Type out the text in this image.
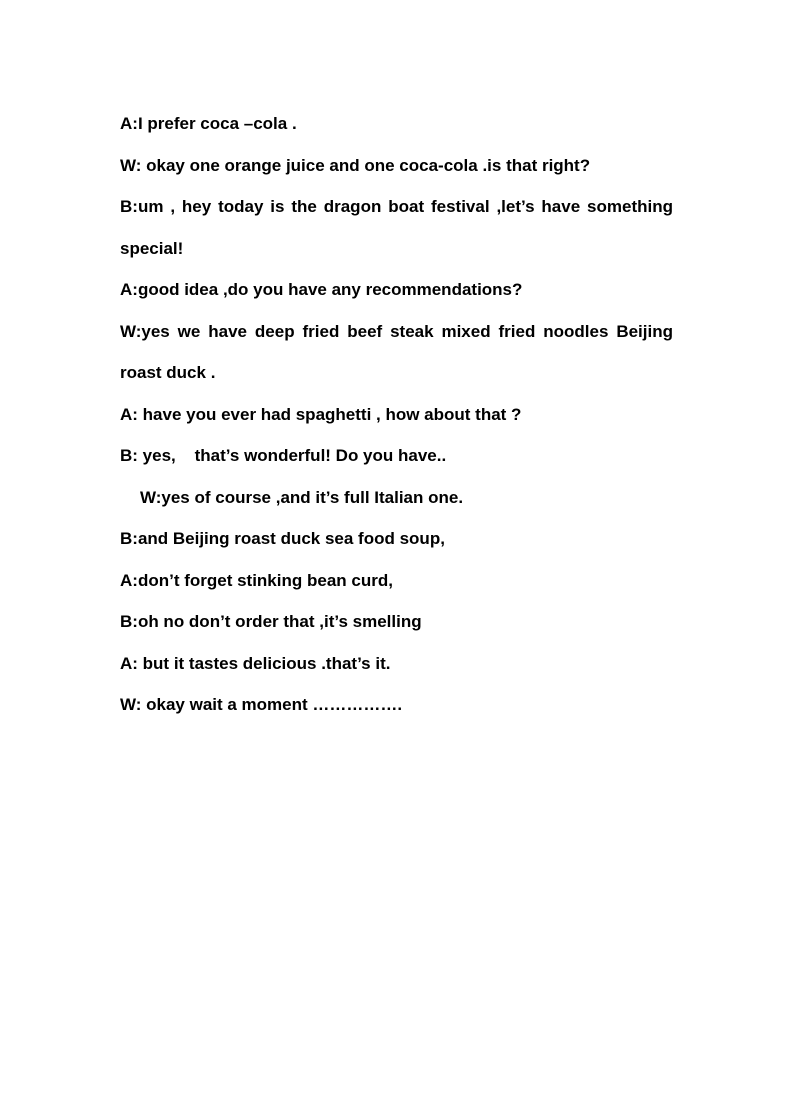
A:I prefer coca –cola .

W: okay one orange juice and one coca-cola .is that right?

B:um , hey today is the dragon boat festival ,let’s have something

special!

A:good idea ,do you have any recommendations?

W:yes we have deep fried beef steak mixed fried noodles Beijing

roast duck .

A: have you ever had spaghetti , how about that ?

B: yes,    that’s wonderful! Do you have..

W:yes of course ,and it’s full Italian one.

B:and Beijing roast duck sea food soup,

A:don’t forget stinking bean curd,

B:oh no don’t order that ,it’s smelling

A: but it tastes delicious .that’s it.

W: okay wait a moment …………….
